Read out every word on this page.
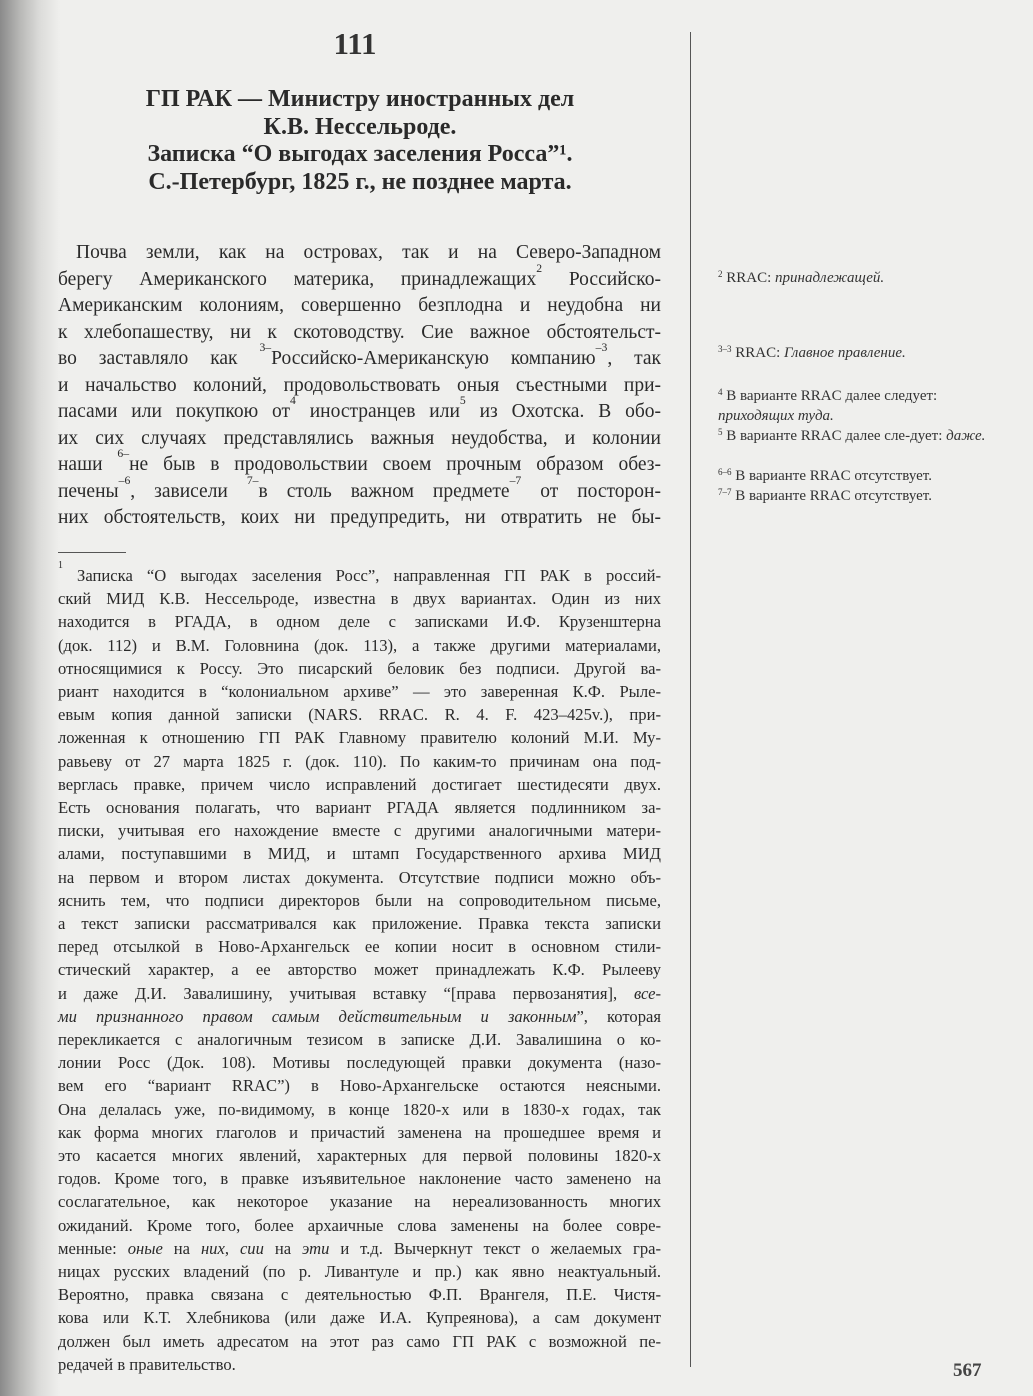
111
ГП РАК — Министру иностранных дел
К.В. Нессельроде.
Записка “О выгодах заселения Росса”¹.
С.-Петербург, 1825 г., не позднее марта.
Почва земли, как на островах, так и на Северо-Западном
берегу Американского материка, принадлежащих
2
Российско-
Американским колониям, совершенно безплодна и неудобна ни
к хлебопашеству, ни к скотоводству. Сие важное обстоятельст-
во заставляло как
3–
Российско-Американскую компанию
–3
, так
и начальство колоний, продовольствовать оныя съестными при-
пасами или покупкою от
4
иностранцев или
5
из Охотска. В обо-
их сих случаях представлялись важныя неудобства, и колонии
наши
6–
не быв в продовольствии своем прочным образом обез-
печены
–6
, зависели
7–
в столь важном предмете
–7
от посторон-
них обстоятельств, коих ни предупредить, ни отвратить не бы-
1
Записка “О выгодах заселения Росс”, направленная ГП РАК в россий-
ский МИД К.В. Нессельроде, известна в двух вариантах. Один из них
находится в РГАДА, в одном деле с записками И.Ф. Крузенштерна
(док. 112) и В.М. Головнина (док. 113), а также другими материалами,
относящимися к Россу. Это писарский беловик без подписи. Другой ва-
риант находится в “колониальном архиве” — это заверенная К.Ф. Рыле-
евым копия данной записки (NARS. RRAC. R. 4. F. 423–425v.), при-
ложенная к отношению ГП РАК Главному правителю колоний М.И. Му-
равьеву от 27 марта 1825 г. (док. 110). По каким-то причинам она под-
верглась правке, причем число исправлений достигает шестидесяти двух.
Есть основания полагать, что вариант РГАДА является подлинником за-
писки, учитывая его нахождение вместе с другими аналогичными матери-
алами, поступавшими в МИД, и штамп Государственного архива МИД
на первом и втором листах документа. Отсутствие подписи можно объ-
яснить тем, что подписи директоров были на сопроводительном письме,
а текст записки рассматривался как приложение. Правка текста записки
перед отсылкой в Ново-Архангельск ее копии носит в основном стили-
стический характер, а ее авторство может принадлежать К.Ф. Рылееву
и даже Д.И. Завалишину, учитывая вставку “[права первозанятия], все-
ми признанного правом самым действительным и законным ”, которая
перекликается с аналогичным тезисом в записке Д.И. Завалишина о ко-
лонии Росс (Док. 108). Мотивы последующей правки документа (назо-
вем его “вариант RRAC”) в Ново-Архангельске остаются неясными.
Она делалась уже, по-видимому, в конце 1820-х или в 1830-х годах, так
как форма многих глаголов и причастий заменена на прошедшее время и
это касается многих явлений, характерных для первой половины 1820-х
годов. Кроме того, в правке изъявительное наклонение часто заменено на
сослагательное, как некоторое указание на нереализованность многих
ожиданий. Кроме того, более архаичные слова заменены на более совре-
менные: оные на них , сии на эти и т.д. Вычеркнут текст о желаемых гра-
ницах русских владений (по р. Ливантуле и пр.) как явно неактуальный.
Вероятно, правка связана с деятельностью Ф.П. Врангеля, П.Е. Чистя-
кова или К.Т. Хлебникова (или даже И.А. Купреянова), а сам документ
должен был иметь адресатом на этот раз само ГП РАК с возможной пе-
редачей в правительство.
$^2$ RRAC: принадлежащей.
$^{3-3}$ RRAC: Главное правление.
$^4$ В варианте RRAC далее следует: приходящих туда.
$^5$ В варианте RRAC далее сле-дует: даже.
$^{6-6}$ В варианте RRAC отсутствует.
$^{7-7}$ В варианте RRAC отсутствует.
567
